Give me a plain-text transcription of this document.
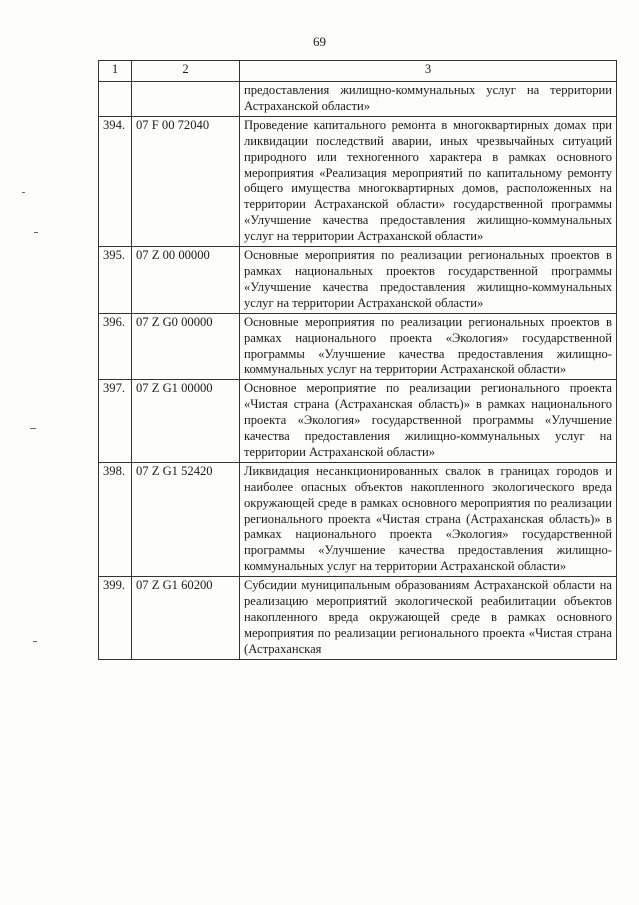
69
1	2	3
		предоставления жилищно-коммунальных услуг на территории Астраханской области»
394.	07 F 00 72040	Проведение капитального ремонта в многоквартирных домах при ликвидации последствий аварии, иных чрезвычайных ситуаций природного или техногенного характера в рамках основного мероприятия «Реализация мероприятий по капитальному ремонту общего имущества многоквартирных домов, расположенных на территории Астраханской области» государственной программы «Улучшение качества предоставления жилищно-коммунальных услуг на территории Астраханской области»
395.	07 Z 00 00000	Основные мероприятия по реализации региональных проектов в рамках национальных проектов государственной программы «Улучшение качества предоставления жилищно-коммунальных услуг на территории Астраханской области»
396.	07 Z G0 00000	Основные мероприятия по реализации региональных проектов в рамках национального проекта «Экология» государственной программы «Улучшение качества предоставления жилищно-коммунальных услуг на территории Астраханской области»
397.	07 Z G1 00000	Основное мероприятие по реализации регионального проекта «Чистая страна (Астраханская область)» в рамках национального проекта «Экология» государственной программы «Улучшение качества предоставления жилищно-коммунальных услуг на территории Астраханской области»
398.	07 Z G1 52420	Ликвидация несанкционированных свалок в границах городов и наиболее опасных объектов накопленного экологического вреда окружающей среде в рамках основного мероприятия по реализации регионального проекта «Чистая страна (Астраханская область)» в рамках национального проекта «Экология» государственной программы «Улучшение качества предоставления жилищно-коммунальных услуг на территории Астраханской области»
399.	07 Z G1 60200	Субсидии муниципальным образованиям Астраханской области на реализацию мероприятий экологической реабилитации объектов накопленного вреда окружающей среде в рамках основного мероприятия по реализации регионального проекта «Чистая страна (Астраханская
